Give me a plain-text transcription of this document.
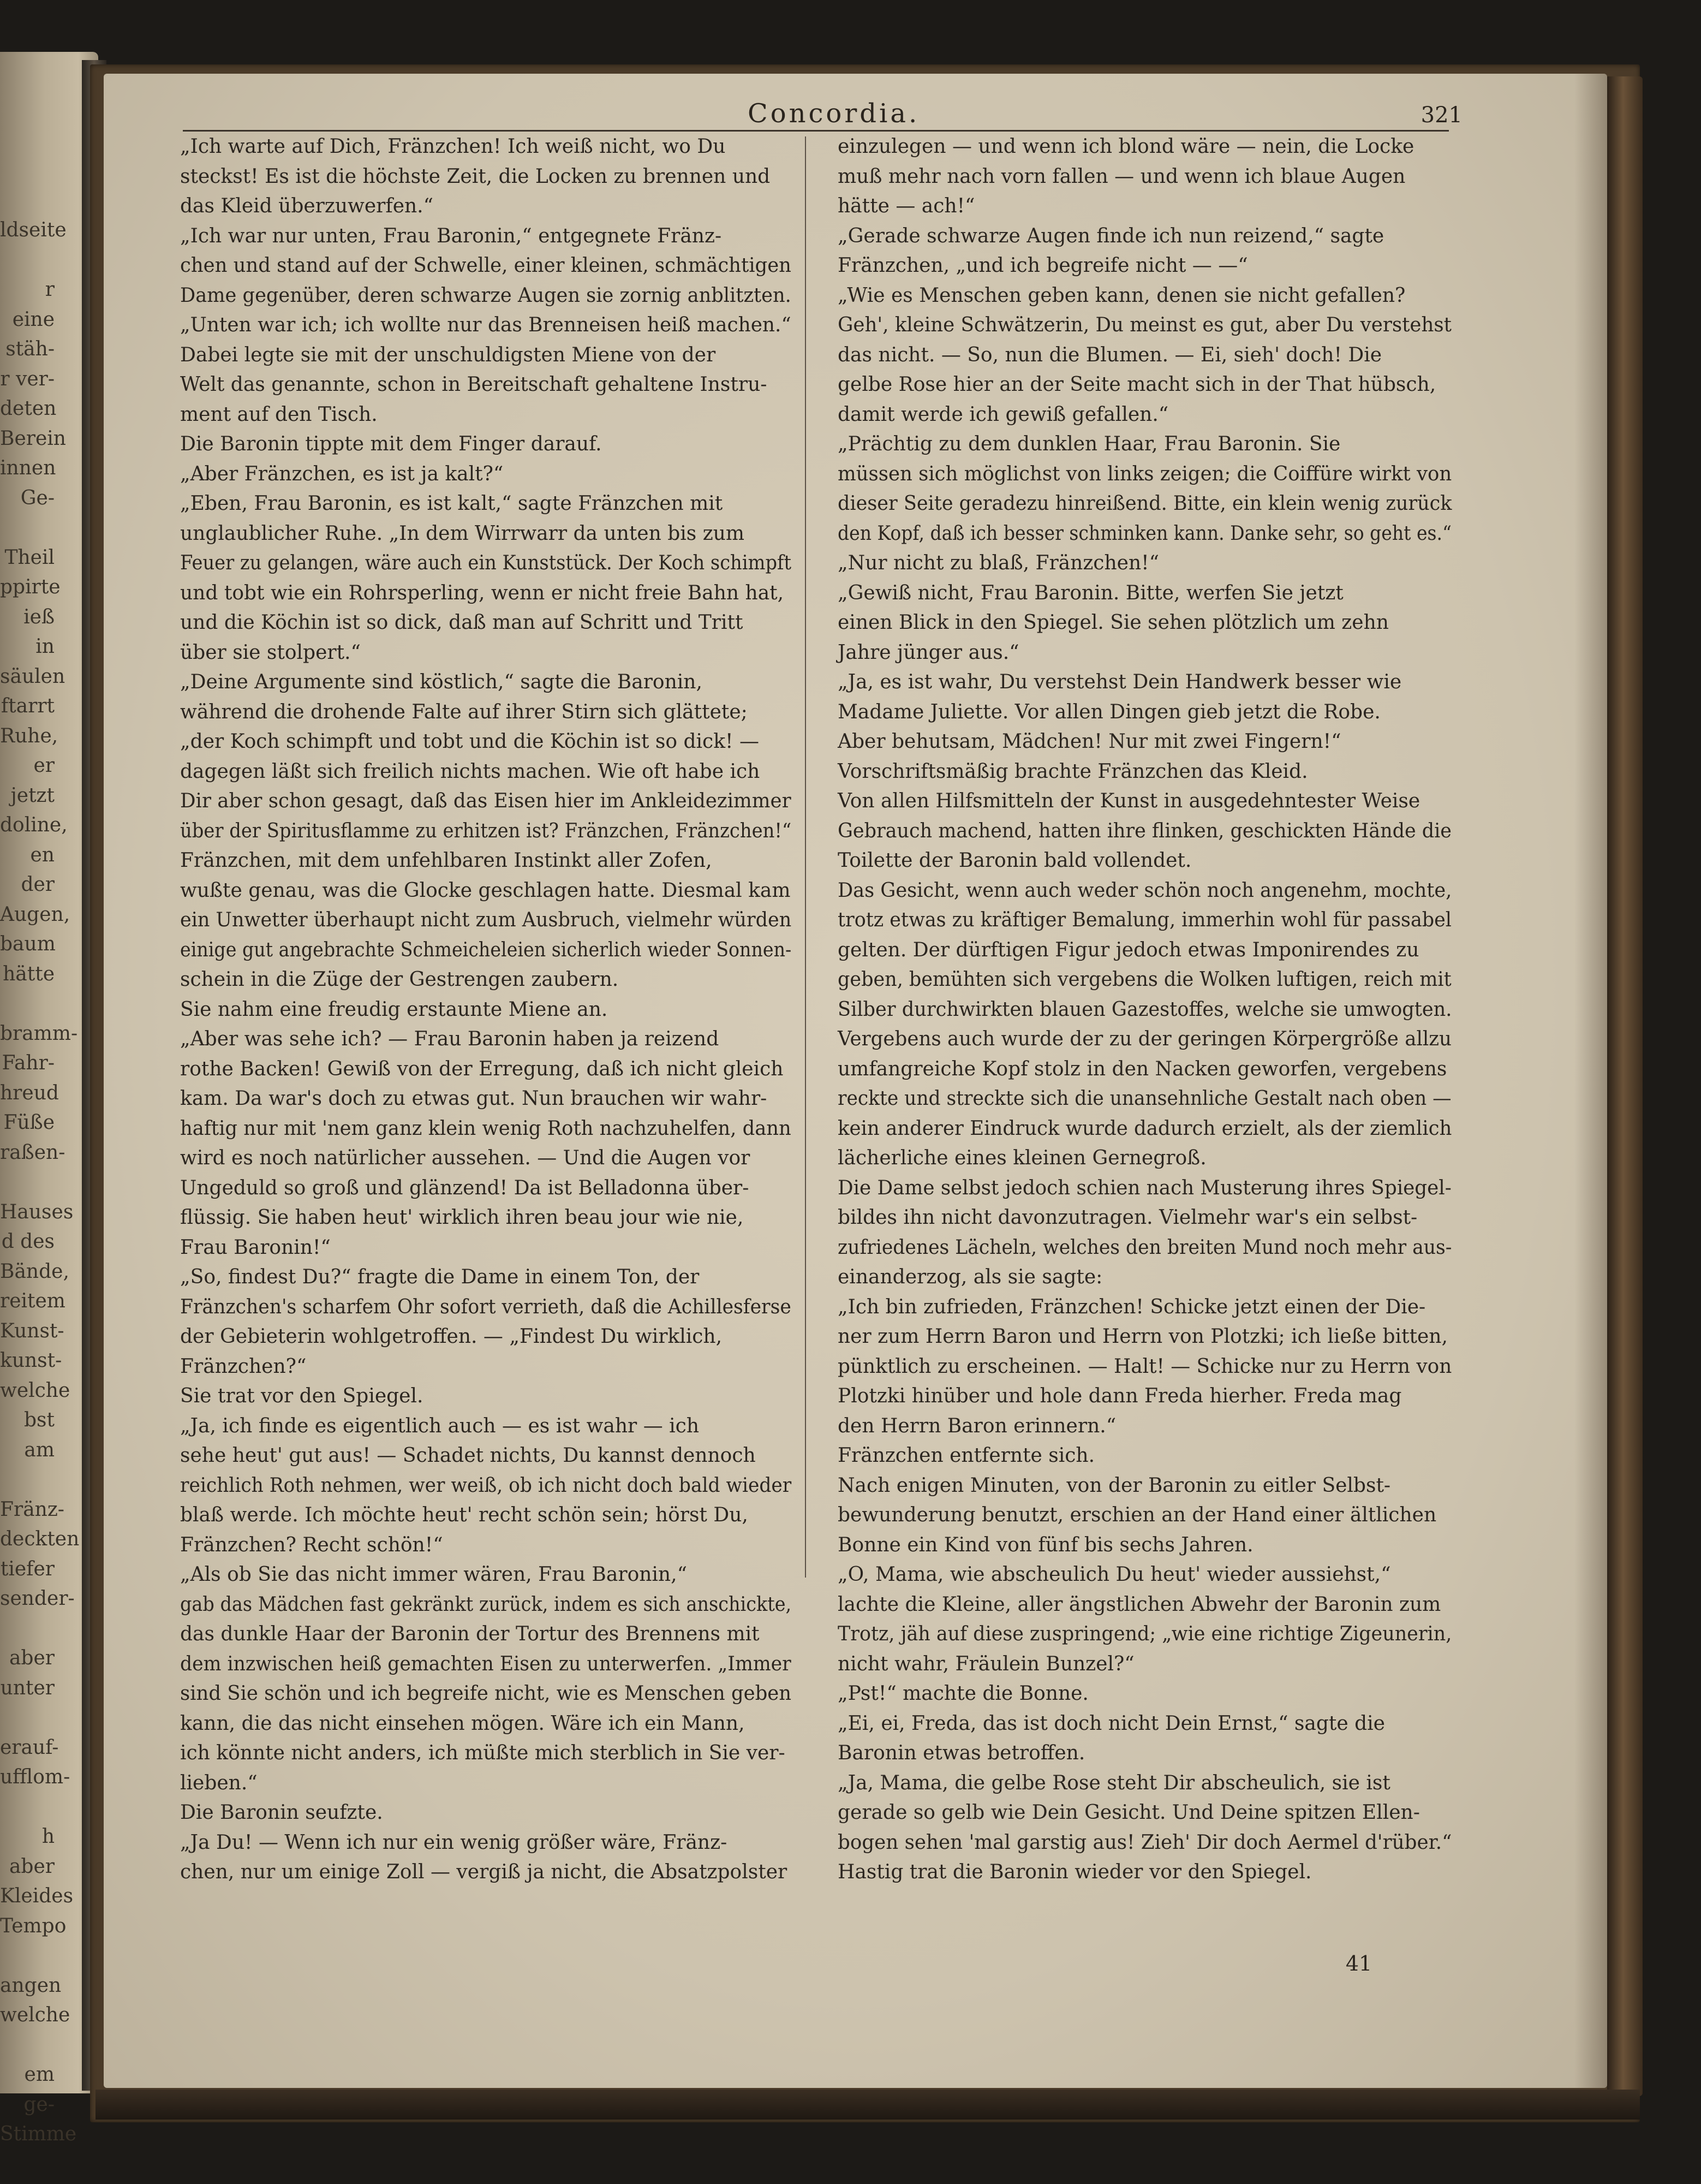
ldseite

r eine
stäh-
r ver-
deten
Berein
innen
Ge-

Theil
ppirte
ieß in
säulen
ftarrt
Ruhe,
er jetzt
doline,
en der
Augen,
baum
hätte

bramm-
Fahr-
hreud
Füße
raßen-

Hauses
d des
Bände,
reitem
Kunst-
kunst-
welche
bst am

Fränz-
deckten
tiefer
sender-

aber
unter

erauf-
ufflom-

h aber
Kleides
Tempo

angen
welche

em ge-
Stimme
Concordia.	321
„Ich warte auf Dich, Fränzchen! Ich weiß nicht, wo Du
steckst! Es ist die höchste Zeit, die Locken zu brennen und
das Kleid überzuwerfen.“
„Ich war nur unten, Frau Baronin,“ entgegnete Fränz-
chen und stand auf der Schwelle, einer kleinen, schmächtigen
Dame gegenüber, deren schwarze Augen sie zornig anblitzten.
„Unten war ich; ich wollte nur das Brenneisen heiß machen.“
Dabei legte sie mit der unschuldigsten Miene von der
Welt das genannte, schon in Bereitschaft gehaltene Instru-
ment auf den Tisch.
Die Baronin tippte mit dem Finger darauf.
„Aber Fränzchen, es ist ja kalt?“
„Eben, Frau Baronin, es ist kalt,“ sagte Fränzchen mit
unglaublicher Ruhe. „In dem Wirrwarr da unten bis zum
Feuer zu gelangen, wäre auch ein Kunststück. Der Koch schimpft
und tobt wie ein Rohrsperling, wenn er nicht freie Bahn hat,
und die Köchin ist so dick, daß man auf Schritt und Tritt
über sie stolpert.“
„Deine Argumente sind köstlich,“ sagte die Baronin,
während die drohende Falte auf ihrer Stirn sich glättete;
„der Koch schimpft und tobt und die Köchin ist so dick! —
dagegen läßt sich freilich nichts machen. Wie oft habe ich
Dir aber schon gesagt, daß das Eisen hier im Ankleidezimmer
über der Spiritusflamme zu erhitzen ist? Fränzchen, Fränzchen!“
Fränzchen, mit dem unfehlbaren Instinkt aller Zofen,
wußte genau, was die Glocke geschlagen hatte. Diesmal kam
ein Unwetter überhaupt nicht zum Ausbruch, vielmehr würden
einige gut angebrachte Schmeicheleien sicherlich wieder Sonnen-
schein in die Züge der Gestrengen zaubern.
Sie nahm eine freudig erstaunte Miene an.
„Aber was sehe ich? — Frau Baronin haben ja reizend
rothe Backen! Gewiß von der Erregung, daß ich nicht gleich
kam. Da war's doch zu etwas gut. Nun brauchen wir wahr-
haftig nur mit 'nem ganz klein wenig Roth nachzuhelfen, dann
wird es noch natürlicher aussehen. — Und die Augen vor
Ungeduld so groß und glänzend! Da ist Belladonna über-
flüssig. Sie haben heut' wirklich ihren beau jour wie nie,
Frau Baronin!“
„So, findest Du?“ fragte die Dame in einem Ton, der
Fränzchen's scharfem Ohr sofort verrieth, daß die Achillesferse
der Gebieterin wohlgetroffen. — „Findest Du wirklich,
Fränzchen?“
Sie trat vor den Spiegel.
„Ja, ich finde es eigentlich auch — es ist wahr — ich
sehe heut' gut aus! — Schadet nichts, Du kannst dennoch
reichlich Roth nehmen, wer weiß, ob ich nicht doch bald wieder
blaß werde. Ich möchte heut' recht schön sein; hörst Du,
Fränzchen? Recht schön!“
„Als ob Sie das nicht immer wären, Frau Baronin,“
gab das Mädchen fast gekränkt zurück, indem es sich anschickte,
das dunkle Haar der Baronin der Tortur des Brennens mit
dem inzwischen heiß gemachten Eisen zu unterwerfen. „Immer
sind Sie schön und ich begreife nicht, wie es Menschen geben
kann, die das nicht einsehen mögen. Wäre ich ein Mann,
ich könnte nicht anders, ich müßte mich sterblich in Sie ver-
lieben.“
Die Baronin seufzte.
„Ja Du! — Wenn ich nur ein wenig größer wäre, Fränz-
chen, nur um einige Zoll — vergiß ja nicht, die Absatzpolster
einzulegen — und wenn ich blond wäre — nein, die Locke
muß mehr nach vorn fallen — und wenn ich blaue Augen
hätte — ach!“
„Gerade schwarze Augen finde ich nun reizend,“ sagte
Fränzchen, „und ich begreife nicht — —“
„Wie es Menschen geben kann, denen sie nicht gefallen?
Geh', kleine Schwätzerin, Du meinst es gut, aber Du verstehst
das nicht. — So, nun die Blumen. — Ei, sieh' doch! Die
gelbe Rose hier an der Seite macht sich in der That hübsch,
damit werde ich gewiß gefallen.“
„Prächtig zu dem dunklen Haar, Frau Baronin. Sie
müssen sich möglichst von links zeigen; die Coiffüre wirkt von
dieser Seite geradezu hinreißend. Bitte, ein klein wenig zurück
den Kopf, daß ich besser schminken kann. Danke sehr, so geht es.“
„Nur nicht zu blaß, Fränzchen!“
„Gewiß nicht, Frau Baronin. Bitte, werfen Sie jetzt
einen Blick in den Spiegel. Sie sehen plötzlich um zehn
Jahre jünger aus.“
„Ja, es ist wahr, Du verstehst Dein Handwerk besser wie
Madame Juliette. Vor allen Dingen gieb jetzt die Robe.
Aber behutsam, Mädchen! Nur mit zwei Fingern!“
Vorschriftsmäßig brachte Fränzchen das Kleid.
Von allen Hilfsmitteln der Kunst in ausgedehntester Weise
Gebrauch machend, hatten ihre flinken, geschickten Hände die
Toilette der Baronin bald vollendet.
Das Gesicht, wenn auch weder schön noch angenehm, mochte,
trotz etwas zu kräftiger Bemalung, immerhin wohl für passabel
gelten. Der dürftigen Figur jedoch etwas Imponirendes zu
geben, bemühten sich vergebens die Wolken luftigen, reich mit
Silber durchwirkten blauen Gazestoffes, welche sie umwogten.
Vergebens auch wurde der zu der geringen Körpergröße allzu
umfangreiche Kopf stolz in den Nacken geworfen, vergebens
reckte und streckte sich die unansehnliche Gestalt nach oben —
kein anderer Eindruck wurde dadurch erzielt, als der ziemlich
lächerliche eines kleinen Gernegroß.
Die Dame selbst jedoch schien nach Musterung ihres Spiegel-
bildes ihn nicht davonzutragen. Vielmehr war's ein selbst-
zufriedenes Lächeln, welches den breiten Mund noch mehr aus-
einanderzog, als sie sagte:
„Ich bin zufrieden, Fränzchen! Schicke jetzt einen der Die-
ner zum Herrn Baron und Herrn von Plotzki; ich ließe bitten,
pünktlich zu erscheinen. — Halt! — Schicke nur zu Herrn von
Plotzki hinüber und hole dann Freda hierher. Freda mag
den Herrn Baron erinnern.“
Fränzchen entfernte sich.
Nach enigen Minuten, von der Baronin zu eitler Selbst-
bewunderung benutzt, erschien an der Hand einer ältlichen
Bonne ein Kind von fünf bis sechs Jahren.
„O, Mama, wie abscheulich Du heut' wieder aussiehst,“
lachte die Kleine, aller ängstlichen Abwehr der Baronin zum
Trotz, jäh auf diese zuspringend; „wie eine richtige Zigeunerin,
nicht wahr, Fräulein Bunzel?“
„Pst!“ machte die Bonne.
„Ei, ei, Freda, das ist doch nicht Dein Ernst,“ sagte die
Baronin etwas betroffen.
„Ja, Mama, die gelbe Rose steht Dir abscheulich, sie ist
gerade so gelb wie Dein Gesicht. Und Deine spitzen Ellen-
bogen sehen 'mal garstig aus! Zieh' Dir doch Aermel d'rüber.“
Hastig trat die Baronin wieder vor den Spiegel.
41
